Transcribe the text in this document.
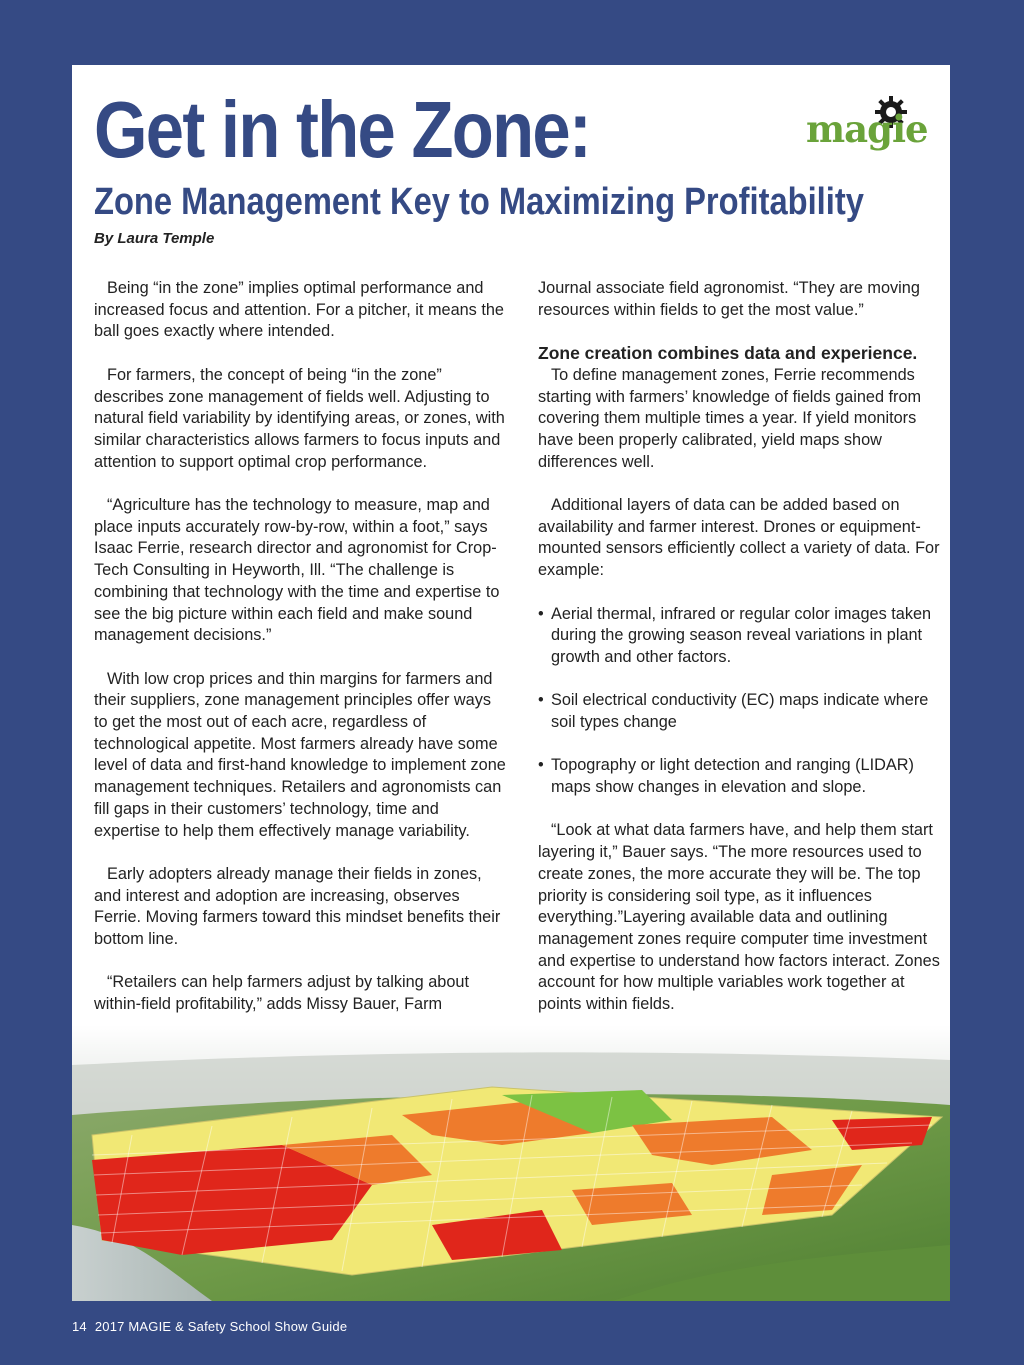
Get in the Zone:
Zone Management Key to Maximizing Profitability
By Laura Temple
magie

Being “in the zone” implies optimal performance and increased focus and attention. For a pitcher, it means the ball goes exactly where intended.

For farmers, the concept of being “in the zone” describes zone management of fields well. Adjusting to natural field variability by identifying areas, or zones, with similar characteristics allows farmers to focus inputs and attention to support optimal crop performance.

“Agriculture has the technology to measure, map and place inputs accurately row-by-row, within a foot,” says Isaac Ferrie, research director and agronomist for Crop-Tech Consulting in Heyworth, Ill. “The challenge is combining that technology with the time and expertise to see the big picture within each field and make sound management decisions.”

With low crop prices and thin margins for farmers and their suppliers, zone management principles offer ways to get the most out of each acre, regardless of technological appetite. Most farmers already have some level of data and first-hand knowledge to implement zone management techniques. Retailers and agronomists can fill gaps in their customers’ technology, time and expertise to help them effectively manage variability.

Early adopters already manage their fields in zones, and interest and adoption are increasing, observes Ferrie. Moving farmers toward this mindset benefits their bottom line.

“Retailers can help farmers adjust by talking about within-field profitability,” adds Missy Bauer, Farm

Journal associate field agronomist. “They are moving resources within fields to get the most value.”

Zone creation combines data and experience.

To define management zones, Ferrie recommends starting with farmers’ knowledge of fields gained from covering them multiple times a year. If yield monitors have been properly calibrated, yield maps show differences well.

Additional layers of data can be added based on availability and farmer interest. Drones or equipment-mounted sensors efficiently collect a variety of data. For example:

• Aerial thermal, infrared or regular color images taken during the growing season reveal variations in plant growth and other factors.
• Soil electrical conductivity (EC) maps indicate where soil types change
• Topography or light detection and ranging (LIDAR) maps show changes in elevation and slope.

“Look at what data farmers have, and help them start layering it,” Bauer says. “The more resources used to create zones, the more accurate they will be. The top priority is considering soil type, as it influences everything.”Layering available data and outlining management zones require computer time investment and expertise to understand how factors interact. Zones account for how multiple variables work together at points within fields.

14 2017 MAGIE & Safety School Show Guide
